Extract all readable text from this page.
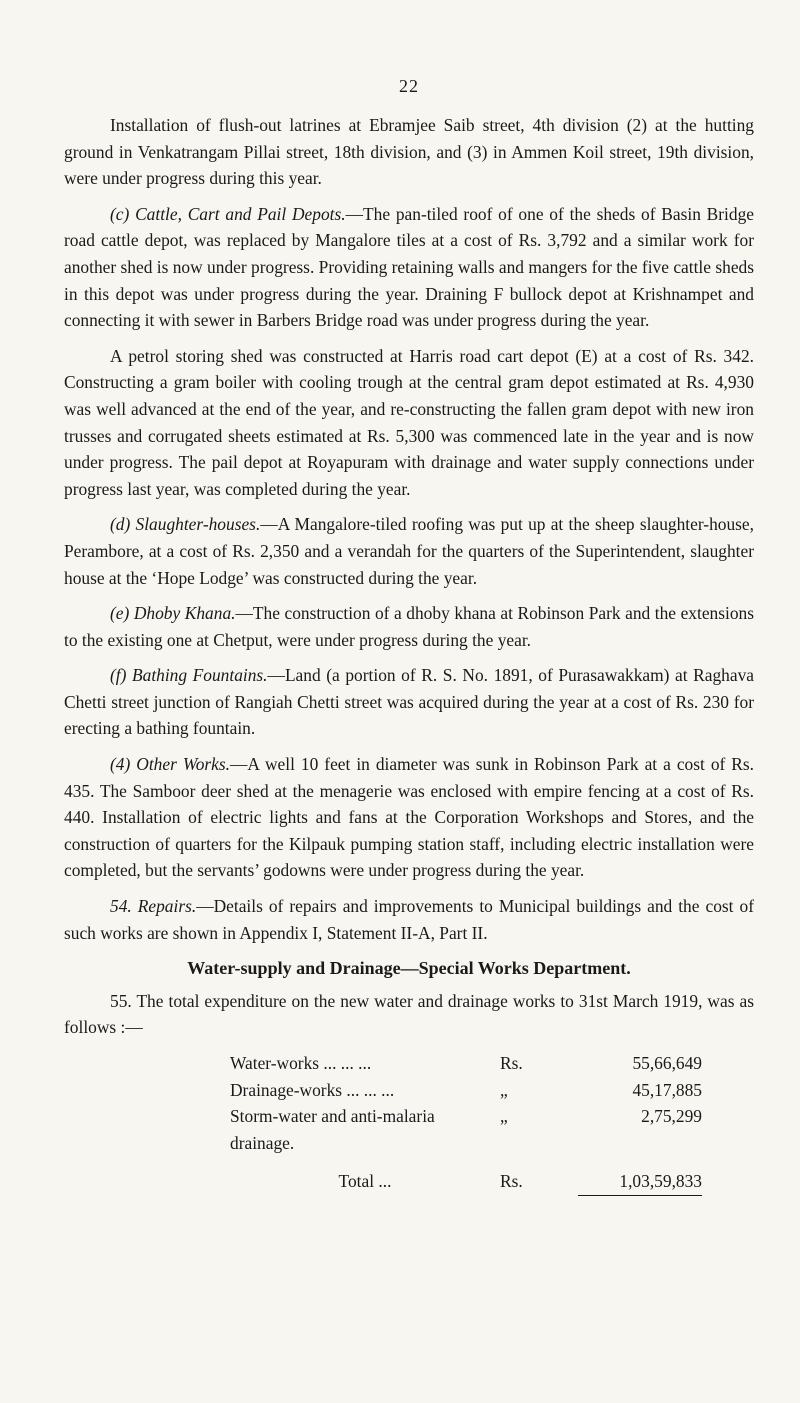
22

Installation of flush-out latrines at Ebramjee Saib street, 4th division (2) at the hutting ground in Venkatrangam Pillai street, 18th division, and (3) in Ammen Koil street, 19th division, were under progress during this year.

(c) Cattle, Cart and Pail Depots.—The pan-tiled roof of one of the sheds of Basin Bridge road cattle depot, was replaced by Mangalore tiles at a cost of Rs. 3,792 and a similar work for another shed is now under progress. Providing retaining walls and mangers for the five cattle sheds in this depot was under progress during the year. Draining F bullock depot at Krishnampet and connecting it with sewer in Barbers Bridge road was under progress during the year.

A petrol storing shed was constructed at Harris road cart depot (E) at a cost of Rs. 342. Constructing a gram boiler with cooling trough at the central gram depot estimated at Rs. 4,930 was well advanced at the end of the year, and re-constructing the fallen gram depot with new iron trusses and corrugated sheets estimated at Rs. 5,300 was commenced late in the year and is now under progress. The pail depot at Royapuram with drainage and water supply connections under progress last year, was completed during the year.

(d) Slaughter-houses.—A Mangalore-tiled roofing was put up at the sheep slaughter-house, Perambore, at a cost of Rs. 2,350 and a verandah for the quarters of the Superintendent, slaughter house at the ‘Hope Lodge’ was constructed during the year.

(e) Dhoby Khana.—The construction of a dhoby khana at Robinson Park and the extensions to the existing one at Chetput, were under progress during the year.

(f) Bathing Fountains.—Land (a portion of R. S. No. 1891, of Purasawakkam) at Raghava Chetti street junction of Rangiah Chetti street was acquired during the year at a cost of Rs. 230 for erecting a bathing fountain.

(4) Other Works.—A well 10 feet in diameter was sunk in Robinson Park at a cost of Rs. 435. The Samboor deer shed at the menagerie was enclosed with empire fencing at a cost of Rs. 440. Installation of electric lights and fans at the Corporation Workshops and Stores, and the construction of quarters for the Kilpauk pumping station staff, including electric installation were completed, but the servants’ godowns were under progress during the year.

54. Repairs.—Details of repairs and improvements to Municipal buildings and the cost of such works are shown in Appendix I, Statement II-A, Part II.

Water-supply and Drainage—Special Works Department.

55. The total expenditure on the new water and drainage works to 31st March 1919, was as follows :—

Water-works ... ... ...	Rs.	55,66,649
Drainage-works ... ... ...	„	45,17,885
Storm-water and anti-malaria drainage.	„	2,75,299
Total ...	Rs.	1,03,59,833
